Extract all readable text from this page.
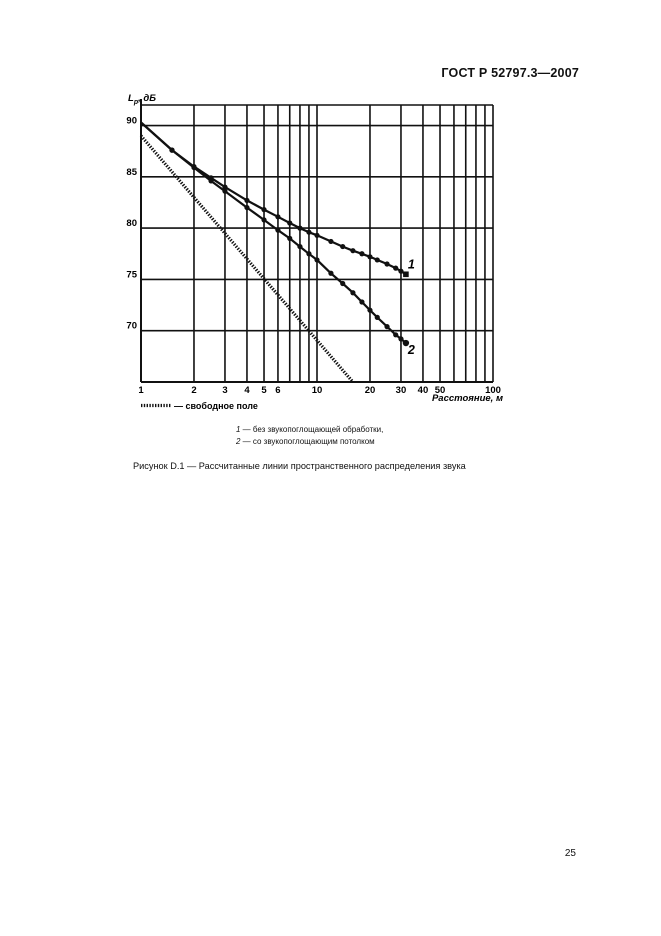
ГОСТ Р 52797.3—2007
1	2	3 4 5 6	10	20 30 40 50	100
70
75
80
85
90
$L_p$, дБ
Расстояние, м
1
2
— свободное поле
1 — без звукопоглощающей обработки,
2 — со звукопоглощающим потолком
Рисунок D.1 — Рассчитанные линии пространственного распределения звука
25
